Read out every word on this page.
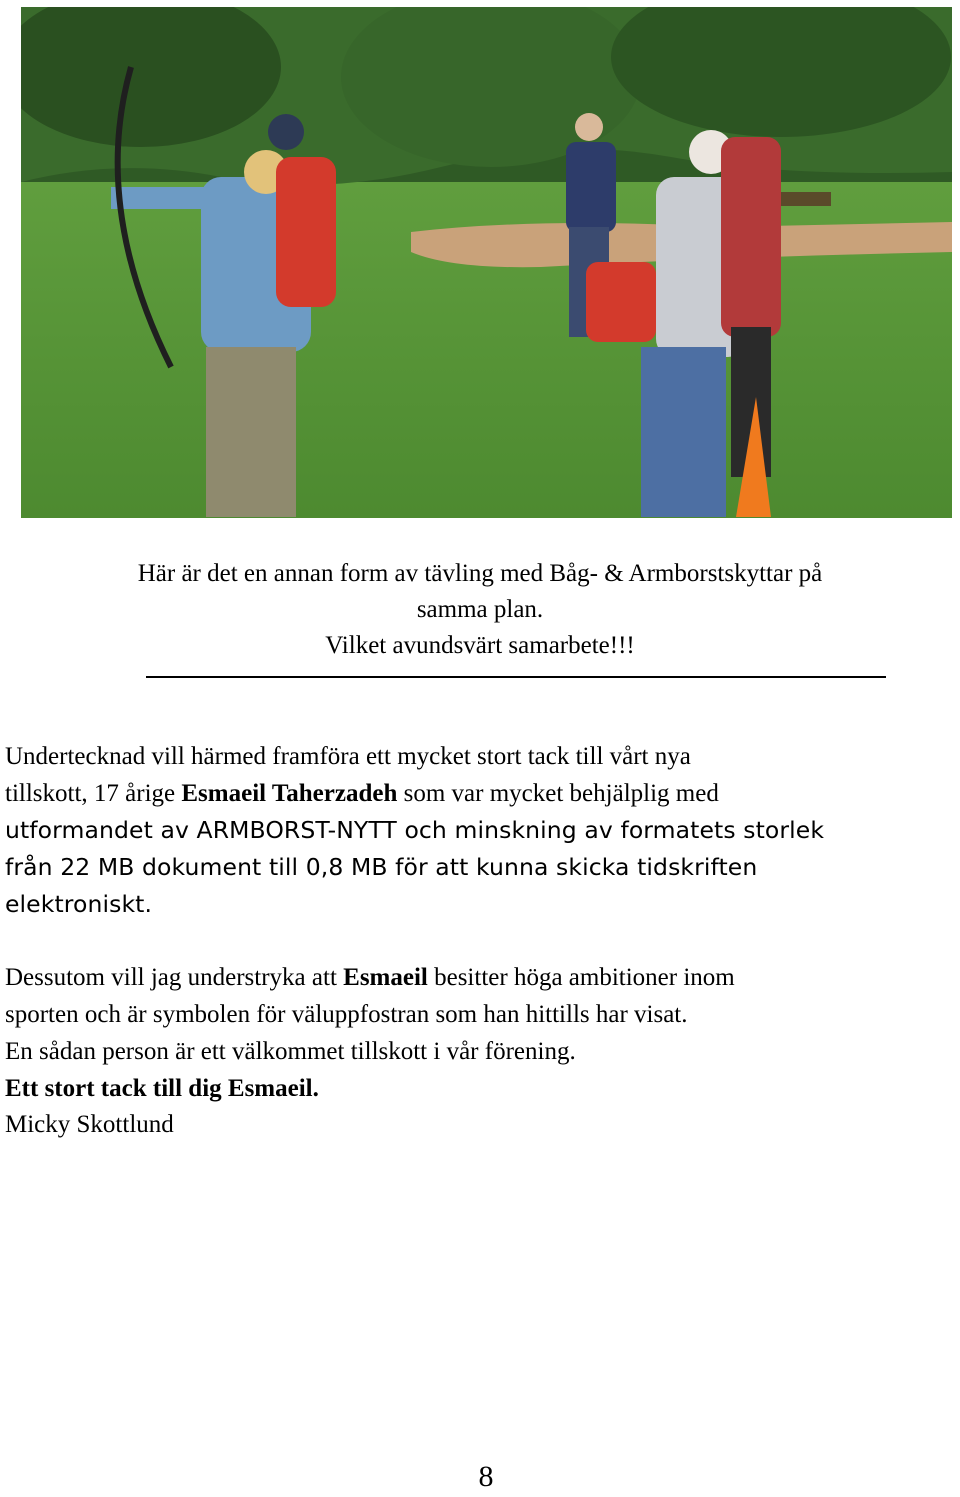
Här är det en annan form av tävling med Båg- & Armborstskyttar på
samma plan.
Vilket avundsvärt samarbete!!!
Undertecknad vill härmed framföra ett mycket stort tack till vårt nya
tillskott, 17 årige Esmaeil Taherzadeh som var mycket behjälplig med
utformandet av ARMBORST-NYTT och minskning av formatets storlek
från 22 MB dokument till 0,8 MB för att kunna skicka tidskriften
elektroniskt.
Dessutom vill jag understryka att Esmaeil besitter höga ambitioner inom
sporten och är symbolen för väluppfostran som han hittills har visat.
En sådan person är ett välkommet tillskott i vår förening.
Ett stort tack till dig Esmaeil.
Micky Skottlund
8
